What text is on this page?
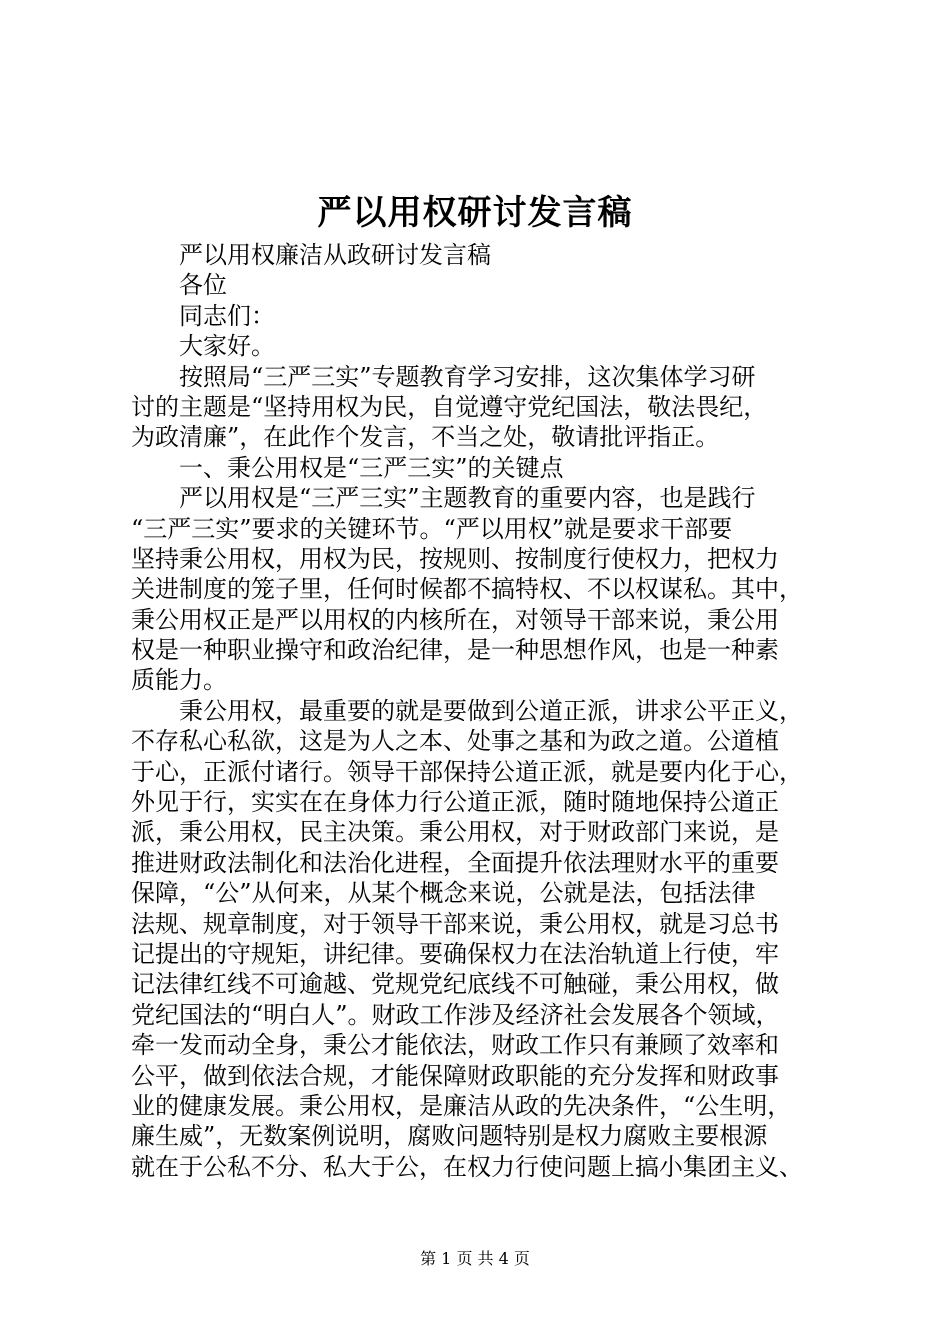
严以用权研讨发言稿
严以用权廉洁从政研讨发言稿
各位
同志们：
大家好。
按照局“三严三实”专题教育学习安排，这次集体学习研
讨的主题是“坚持用权为民，自觉遵守党纪国法，敬法畏纪，
为政清廉”，在此作个发言，不当之处，敬请批评指正。
一、秉公用权是“三严三实”的关键点
严以用权是“三严三实”主题教育的重要内容，也是践行
“三严三实”要求的关键环节。“严以用权”就是要求干部要
坚持秉公用权，用权为民，按规则、按制度行使权力，把权力
关进制度的笼子里，任何时候都不搞特权、不以权谋私。其中，
秉公用权正是严以用权的内核所在，对领导干部来说，秉公用
权是一种职业操守和政治纪律，是一种思想作风，也是一种素
质能力。
秉公用权，最重要的就是要做到公道正派，讲求公平正义，
不存私心私欲，这是为人之本、处事之基和为政之道。公道植
于心，正派付诸行。领导干部保持公道正派，就是要内化于心，
外见于行，实实在在身体力行公道正派，随时随地保持公道正
派，秉公用权，民主决策。秉公用权，对于财政部门来说，是
推进财政法制化和法治化进程，全面提升依法理财水平的重要
保障，“公”从何来，从某个概念来说，公就是法，包括法律
法规、规章制度，对于领导干部来说，秉公用权，就是习总书
记提出的守规矩，讲纪律。要确保权力在法治轨道上行使，牢
记法律红线不可逾越、党规党纪底线不可触碰，秉公用权，做
党纪国法的“明白人”。财政工作涉及经济社会发展各个领域，
牵一发而动全身，秉公才能依法，财政工作只有兼顾了效率和
公平，做到依法合规，才能保障财政职能的充分发挥和财政事
业的健康发展。秉公用权，是廉洁从政的先决条件，“公生明，
廉生威”，无数案例说明，腐败问题特别是权力腐败主要根源
就在于公私不分、私大于公，在权力行使问题上搞小集团主义、
第 1 页 共 4 页
